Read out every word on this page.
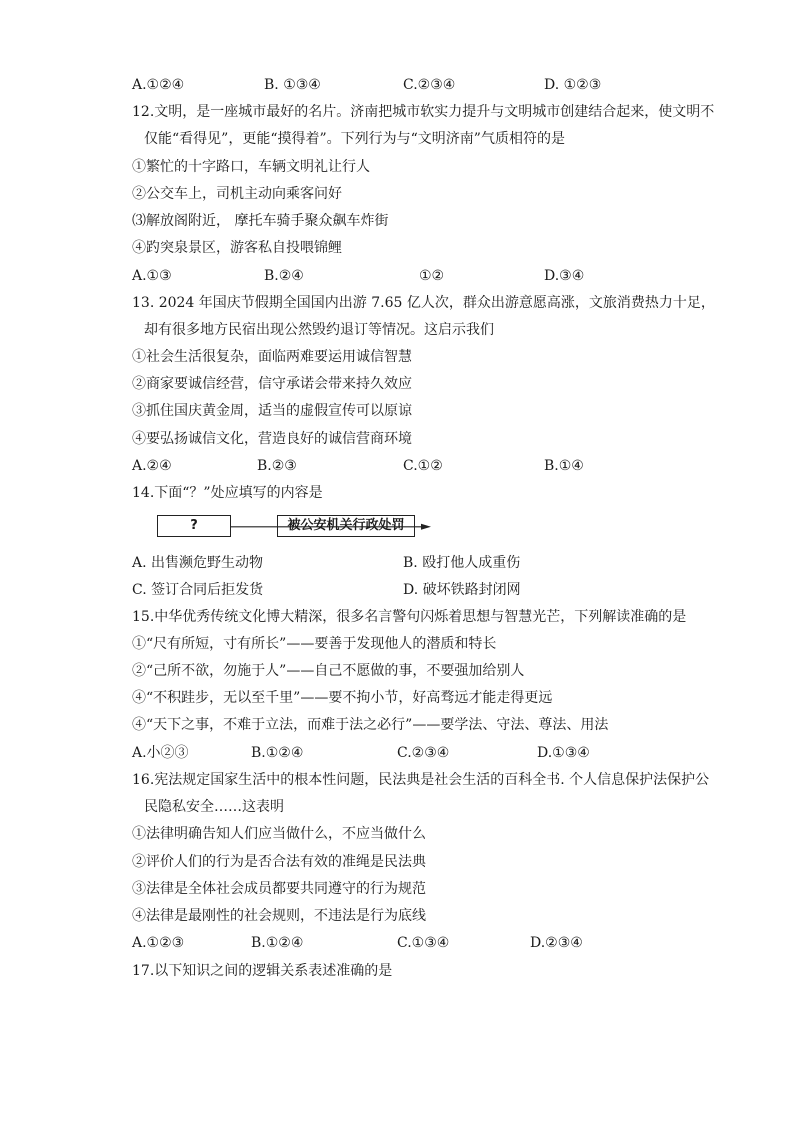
A.①②④	B. ①③④	C.②③④	D. ①②③
12.文明，是一座城市最好的名片。济南把城市软实力提升与文明城市创建结合起来，使文明不
仅能“看得见”，更能“摸得着”。下列行为与“文明济南”气质相符的是
①繁忙的十字路口，车辆文明礼让行人
②公交车上，司机主动向乘客问好
⑶解放阁附近， 摩托车骑手聚众飙车炸街
④趵突泉景区，游客私自投喂锦鲤
A.①③	B.②④	①②	D.③④
13. 2024 年国庆节假期全国国内出游 7.65 亿人次，群众出游意愿高涨，文旅消费热力十足，
却有很多地方民宿出现公然毁约退订等情况。这启示我们
①社会生活很复杂，面临两难要运用诚信智慧
②商家要诚信经营，信守承诺会带来持久效应
③抓住国庆黄金周，适当的虚假宣传可以原谅
④要弘扬诚信文化，营造良好的诚信营商环境
A.②④	B.②③	C.①②	B.①④
14.下面“？”处应填写的内容是
?	被公安机关行政处罚
A. 出售濒危野生动物	B. 殴打他人成重伤
C. 签订合同后拒发货	D. 破坏铁路封闭网
15.中华优秀传统文化博大精深，很多名言警句闪烁着思想与智慧光芒，下列解读准确的是
①“尺有所短，寸有所长”——要善于发现他人的潜质和特长
②“己所不欲，勿施于人”——自己不愿做的事，不要强加给别人
④“不积跬步，无以至千里”——要不拘小节，好高骛远才能走得更远
④“天下之事，不难于立法，而难于法之必行”——要学法、守法、尊法、用法
A.小②③	B.①②④	C.②③④	D.①③④
16.宪法规定国家生活中的根本性问题，民法典是社会生活的百科全书. 个人信息保护法保护公
民隐私安全……这表明
①法律明确告知人们应当做什么，不应当做什么
②评价人们的行为是否合法有效的准绳是民法典
③法律是全体社会成员都要共同遵守的行为规范
④法律是最刚性的社会规则，不违法是行为底线
A.①②③	B.①②④	C.①③④	D.②③④
17.以下知识之间的逻辑关系表述准确的是
